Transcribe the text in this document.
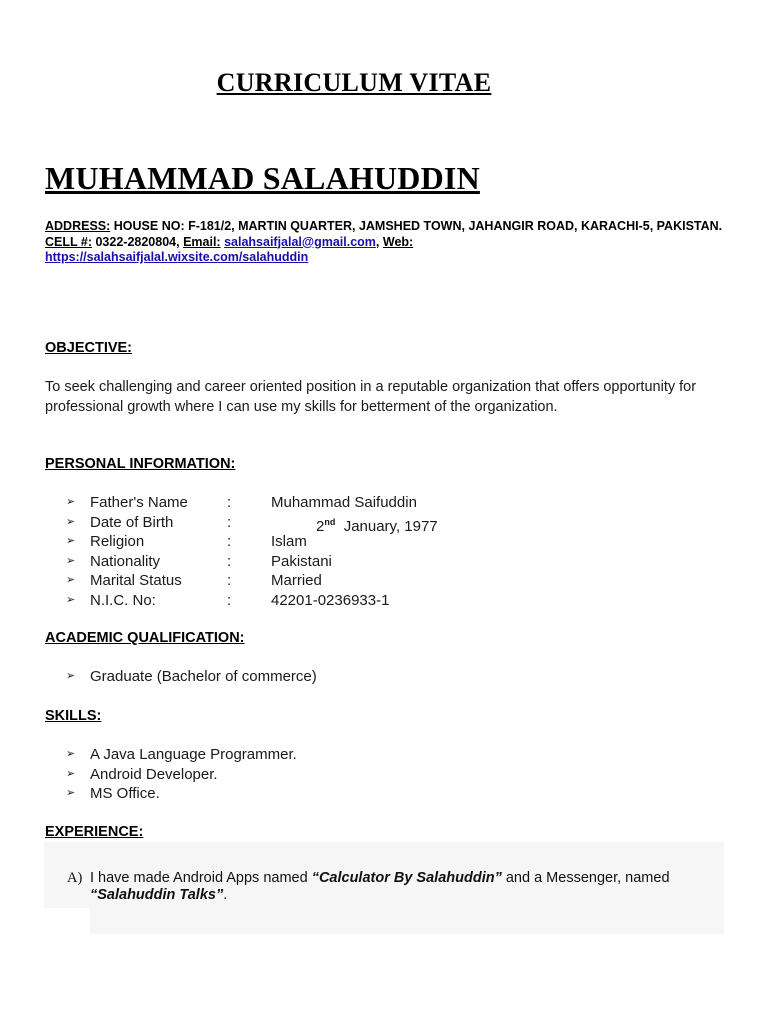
CURRICULUM VITAE
MUHAMMAD SALAHUDDIN
ADDRESS: HOUSE NO: F-181/2, MARTIN QUARTER, JAMSHED TOWN, JAHANGIR ROAD, KARACHI-5, PAKISTAN.
CELL #: 0322-2820804, Email: salahsaifjalal@gmail.com, Web:
https://salahsaifjalal.wixsite.com/salahuddin
OBJECTIVE:
To seek challenging and career oriented position in a reputable organization that offers opportunity for professional growth where I can use my skills for betterment of the organization.
PERSONAL INFORMATION:
➢ Father's Name	:	Muhammad Saifuddin
➢ Date of Birth	:	2nd January, 1977
➢ Religion	:	Islam
➢ Nationality	:	Pakistani
➢ Marital Status	:	Married
➢ N.I.C. No:	:	42201-0236933-1
ACADEMIC QUALIFICATION:
➢ Graduate (Bachelor of commerce)
SKILLS:
➢ A Java Language Programmer.
➢ Android Developer.
➢ MS Office.
EXPERIENCE:
A) I have made Android Apps named “Calculator By Salahuddin” and a Messenger, named
“Salahuddin Talks”.
